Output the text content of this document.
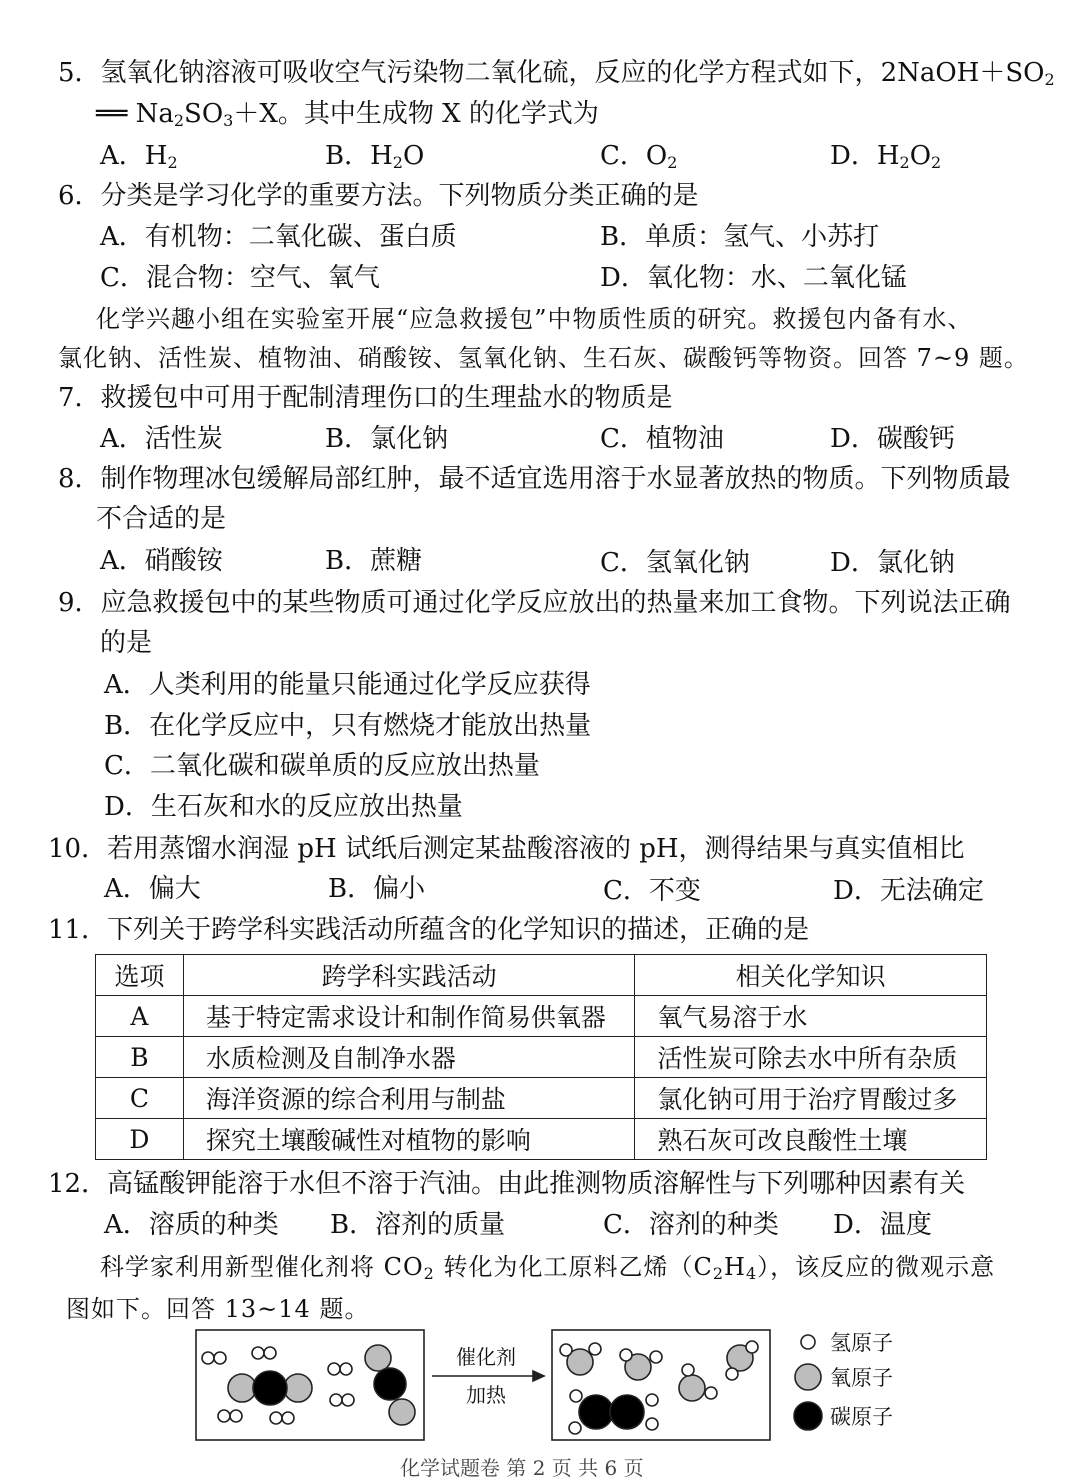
5．氢氧化钠溶液可吸收空气污染物二氧化硫，反应的化学方程式如下，$2NaOH+SO_2$
══ $Na_2SO_3+X$。其中生成物 X 的化学式为
A．$H_2$	B．$H_2O$	C．$O_2$	D．$H_2O_2$
6．分类是学习化学的重要方法。下列物质分类正确的是
A．有机物：二氧化碳、蛋白质	B．单质：氢气、小苏打
C．混合物：空气、氧气	D．氧化物：水、二氧化锰
化学兴趣小组在实验室开展“应急救援包”中物质性质的研究。救援包内备有水、
氯化钠、活性炭、植物油、硝酸铵、氢氧化钠、生石灰、碳酸钙等物资。回答 7~9 题。
7．救援包中可用于配制清理伤口的生理盐水的物质是
A．活性炭	B．氯化钠	C．植物油	D．碳酸钙
8．制作物理冰包缓解局部红肿，最不适宜选用溶于水显著放热的物质。下列物质最
不合适的是
A．硝酸铵	B．蔗糖	C．氢氧化钠	D．氯化钠
9．应急救援包中的某些物质可通过化学反应放出的热量来加工食物。下列说法正确
的是
A．人类利用的能量只能通过化学反应获得
B．在化学反应中，只有燃烧才能放出热量
C．二氧化碳和碳单质的反应放出热量
D．生石灰和水的反应放出热量
10．若用蒸馏水润湿 pH 试纸后测定某盐酸溶液的 pH，测得结果与真实值相比
A．偏大	B．偏小	C．不变	D．无法确定
11．下列关于跨学科实践活动所蕴含的化学知识的描述，正确的是
选项	跨学科实践活动	相关化学知识
A	基于特定需求设计和制作简易供氧器	氧气易溶于水
B	水质检测及自制净水器	活性炭可除去水中所有杂质
C	海洋资源的综合利用与制盐	氯化钠可用于治疗胃酸过多
D	探究土壤酸碱性对植物的影响	熟石灰可改良酸性土壤
12．高锰酸钾能溶于水但不溶于汽油。由此推测物质溶解性与下列哪种因素有关
A．溶质的种类 B．溶剂的质量	C．溶剂的种类 D．温度
科学家利用新型催化剂将 $CO_2$ 转化为化工原料乙烯$(C_2H_4)$，该反应的微观示意
图如下。回答 13~14 题。
催化剂
加热
氢原子
氧原子
碳原子
化学试题卷 第 2 页 共 6 页
